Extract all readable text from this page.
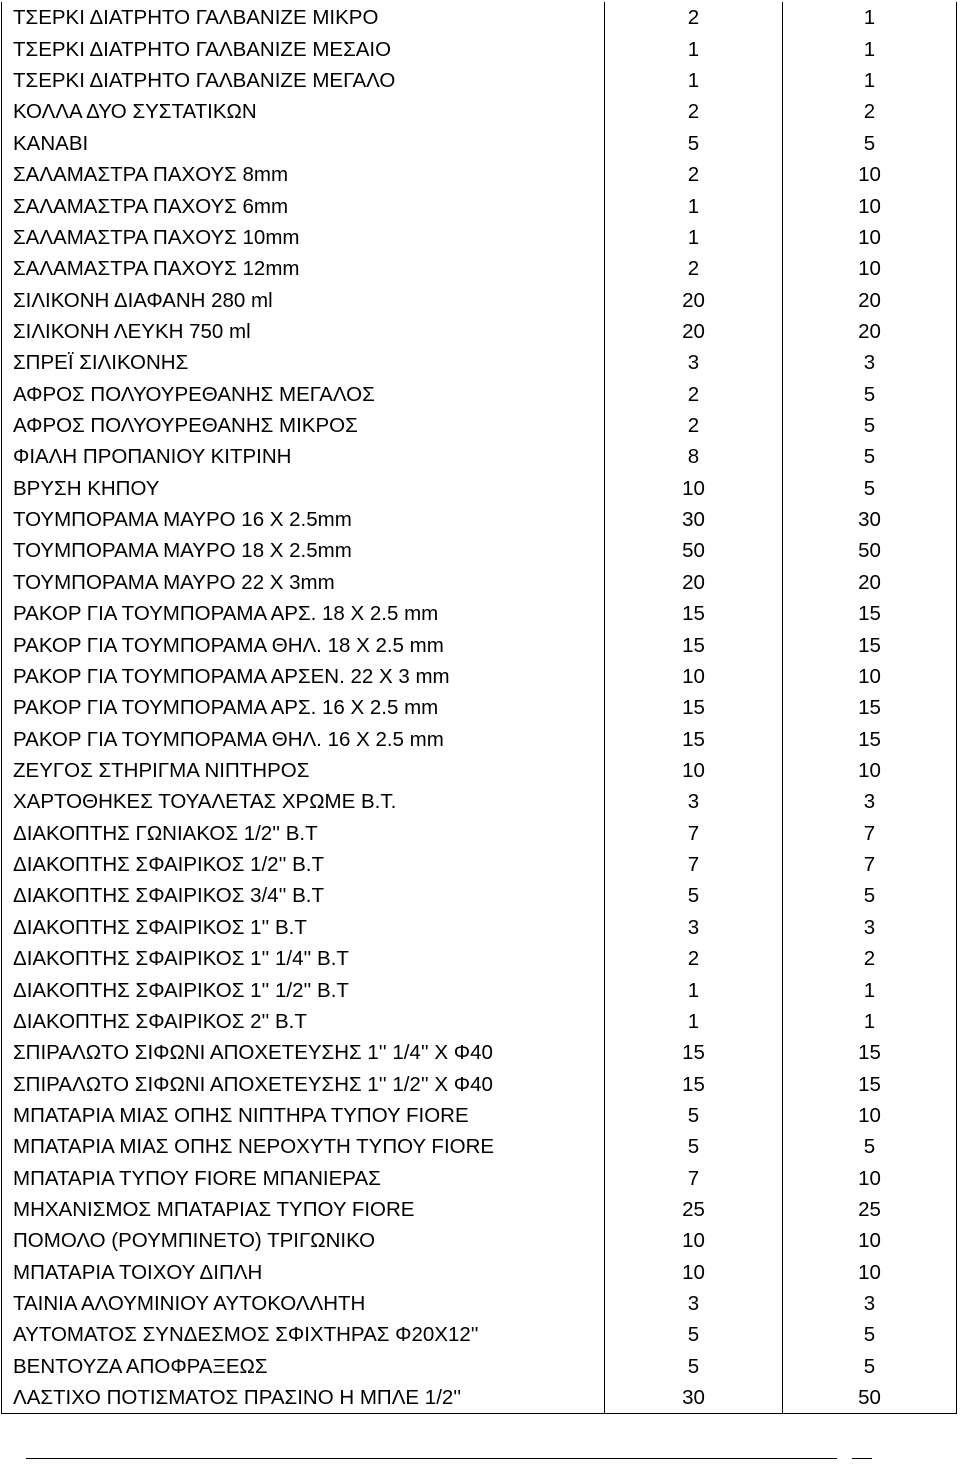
ΤΣΕΡΚΙ ΔΙΑΤΡΗΤΟ ΓΑΛΒΑΝΙΖΕ ΜΙΚΡΟ	2	1
ΤΣΕΡΚΙ ΔΙΑΤΡΗΤΟ ΓΑΛΒΑΝΙΖΕ ΜΕΣΑΙΟ	1	1
ΤΣΕΡΚΙ ΔΙΑΤΡΗΤΟ ΓΑΛΒΑΝΙΖΕ ΜΕΓΑΛΟ	1	1
ΚΟΛΛΑ ΔΥΟ ΣΥΣΤΑΤΙΚΩΝ	2	2
ΚΑΝΑΒΙ	5	5
ΣΑΛΑΜΑΣΤΡΑ ΠΑΧΟΥΣ 8mm	2	10
ΣΑΛΑΜΑΣΤΡΑ ΠΑΧΟΥΣ 6mm	1	10
ΣΑΛΑΜΑΣΤΡΑ ΠΑΧΟΥΣ 10mm	1	10
ΣΑΛΑΜΑΣΤΡΑ ΠΑΧΟΥΣ 12mm	2	10
ΣΙΛΙΚΟΝΗ ΔΙΑΦΑΝΗ 280 ml	20	20
ΣΙΛΙΚΟΝΗ ΛΕΥΚΗ 750 ml	20	20
ΣΠΡΕΪ ΣΙΛΙΚΟΝΗΣ	3	3
ΑΦΡΟΣ ΠΟΛΥΟΥΡΕΘΑΝΗΣ ΜΕΓΑΛΟΣ	2	5
ΑΦΡΟΣ ΠΟΛΥΟΥΡΕΘΑΝΗΣ ΜΙΚΡΟΣ	2	5
ΦΙΑΛΗ ΠΡΟΠΑΝΙΟΥ ΚΙΤΡΙΝΗ	8	5
ΒΡΥΣΗ ΚΗΠΟΥ	10	5
ΤΟΥΜΠΟΡΑΜΑ ΜΑΥΡΟ 16 Χ 2.5mm	30	30
ΤΟΥΜΠΟΡΑΜΑ ΜΑΥΡΟ 18 Χ 2.5mm	50	50
ΤΟΥΜΠΟΡΑΜΑ ΜΑΥΡΟ 22 Χ 3mm	20	20
ΡΑΚΟΡ ΓΙΑ ΤΟΥΜΠΟΡΑΜΑ ΑΡΣ. 18 Χ 2.5 mm	15	15
ΡΑΚΟΡ ΓΙΑ ΤΟΥΜΠΟΡΑΜΑ ΘΗΛ. 18 Χ 2.5 mm	15	15
ΡΑΚΟΡ ΓΙΑ ΤΟΥΜΠΟΡΑΜΑ ΑΡΣΕΝ. 22 Χ 3 mm	10	10
ΡΑΚΟΡ ΓΙΑ ΤΟΥΜΠΟΡΑΜΑ ΑΡΣ. 16 Χ 2.5 mm	15	15
ΡΑΚΟΡ ΓΙΑ ΤΟΥΜΠΟΡΑΜΑ ΘΗΛ. 16 Χ 2.5 mm	15	15
ΖΕΥΓΟΣ ΣΤΗΡΙΓΜΑ ΝΙΠΤΗΡΟΣ	10	10
ΧΑΡΤΟΘΗΚΕΣ ΤΟΥΑΛΕΤΑΣ ΧΡΩΜΕ Β.Τ.	3	3
ΔΙΑΚΟΠΤΗΣ ΓΩΝΙΑΚΟΣ 1/2'' Β.Τ	7	7
ΔΙΑΚΟΠΤΗΣ ΣΦΑΙΡΙΚΟΣ 1/2'' Β.Τ	7	7
ΔΙΑΚΟΠΤΗΣ ΣΦΑΙΡΙΚΟΣ 3/4'' Β.Τ	5	5
ΔΙΑΚΟΠΤΗΣ ΣΦΑΙΡΙΚΟΣ 1'' Β.Τ	3	3
ΔΙΑΚΟΠΤΗΣ ΣΦΑΙΡΙΚΟΣ 1'' 1/4'' Β.Τ	2	2
ΔΙΑΚΟΠΤΗΣ ΣΦΑΙΡΙΚΟΣ 1'' 1/2'' Β.Τ	1	1
ΔΙΑΚΟΠΤΗΣ ΣΦΑΙΡΙΚΟΣ 2'' Β.Τ	1	1
ΣΠΙΡΑΛΩΤΟ ΣΙΦΩΝΙ ΑΠΟΧΕΤΕΥΣΗΣ 1'' 1/4'' Χ Φ40	15	15
ΣΠΙΡΑΛΩΤΟ ΣΙΦΩΝΙ ΑΠΟΧΕΤΕΥΣΗΣ 1'' 1/2'' Χ Φ40	15	15
ΜΠΑΤΑΡΙΑ ΜΙΑΣ ΟΠΗΣ ΝΙΠΤΗΡΑ ΤΥΠΟΥ FIORE	5	10
ΜΠΑΤΑΡΙΑ ΜΙΑΣ ΟΠΗΣ ΝΕΡΟΧΥΤΗ ΤΥΠΟΥ FIORE	5	5
ΜΠΑΤΑΡΙΑ ΤΥΠΟΥ FIORE ΜΠΑΝΙΕΡΑΣ	7	10
ΜΗΧΑΝΙΣΜΟΣ ΜΠΑΤΑΡΙΑΣ ΤΥΠΟΥ FIORE	25	25
ΠΟΜΟΛΟ (ΡΟΥΜΠΙΝΕΤΟ) ΤΡΙΓΩΝΙΚΟ	10	10
ΜΠΑΤΑΡΙΑ ΤΟΙΧΟΥ ΔΙΠΛΗ	10	10
ΤΑΙΝΙΑ ΑΛΟΥΜΙΝΙΟΥ ΑΥΤΟΚΟΛΛΗΤΗ	3	3
ΑΥΤΟΜΑΤΟΣ ΣΥΝΔΕΣΜΟΣ ΣΦΙΧΤΗΡΑΣ Φ20Χ12''	5	5
ΒΕΝΤΟΥΖΑ ΑΠΟΦΡΑΞΕΩΣ	5	5
ΛΑΣΤΙΧΟ ΠΟΤΙΣΜΑΤΟΣ ΠΡΑΣΙΝΟ Η ΜΠΛΕ 1/2''	30	50
